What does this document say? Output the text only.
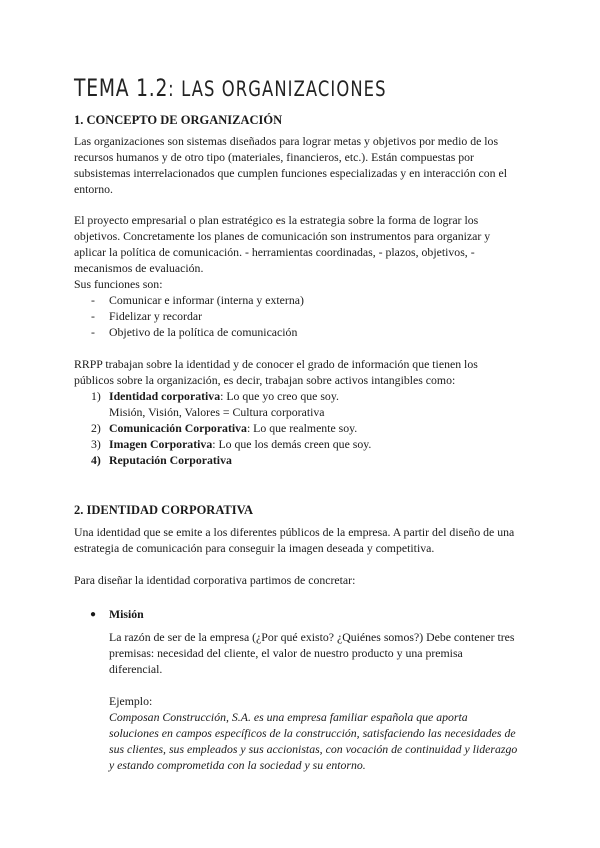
TEMA 1.2: LAS ORGANIZACIONES
1. CONCEPTO DE ORGANIZACIÓN
Las organizaciones son sistemas diseñados para lograr metas y objetivos por medio de los
recursos humanos y de otro tipo (materiales, financieros, etc.). Están compuestas por
subsistemas interrelacionados que cumplen funciones especializadas y en interacción con el
entorno.
El proyecto empresarial o plan estratégico es la estrategia sobre la forma de lograr los
objetivos. Concretamente los planes de comunicación son instrumentos para organizar y
aplicar la política de comunicación. - herramientas coordinadas, - plazos, objetivos, -
mecanismos de evaluación.
Sus funciones son:
- Comunicar e informar (interna y externa)
- Fidelizar y recordar
- Objetivo de la política de comunicación
RRPP trabajan sobre la identidad y de conocer el grado de información que tienen los
públicos sobre la organización, es decir, trabajan sobre activos intangibles como:
1) Identidad corporativa: Lo que yo creo que soy.
Misión, Visión, Valores = Cultura corporativa
2) Comunicación Corporativa: Lo que realmente soy.
3) Imagen Corporativa: Lo que los demás creen que soy.
4) Reputación Corporativa
2. IDENTIDAD CORPORATIVA
Una identidad que se emite a los diferentes públicos de la empresa. A partir del diseño de una
estrategia de comunicación para conseguir la imagen deseada y competitiva.
Para diseñar la identidad corporativa partimos de concretar:
● Misión
La razón de ser de la empresa (¿Por qué existo? ¿Quiénes somos?) Debe contener tres
premisas: necesidad del cliente, el valor de nuestro producto y una premisa
diferencial.
Ejemplo:
Composan Construcción, S.A. es una empresa familiar española que aporta
soluciones en campos específicos de la construcción, satisfaciendo las necesidades de
sus clientes, sus empleados y sus accionistas, con vocación de continuidad y liderazgo
y estando comprometida con la sociedad y su entorno.
